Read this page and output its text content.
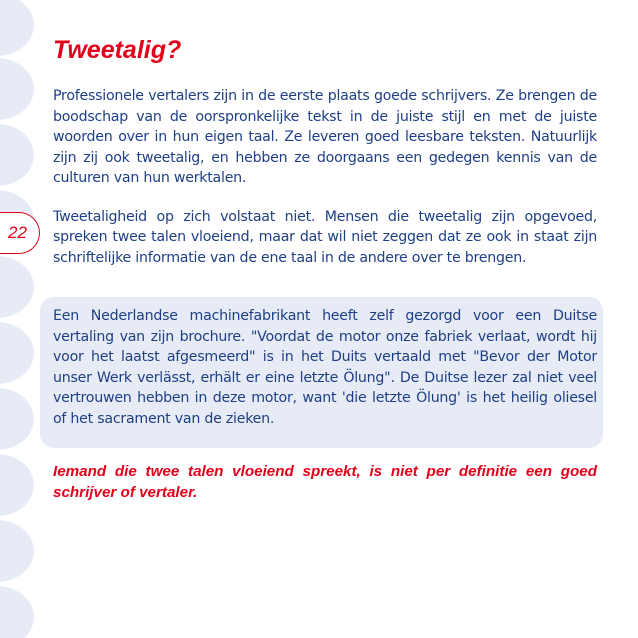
22
Tweetalig?

Professionele vertalers zijn in de eerste plaats goede schrijvers. Ze brengen de boodschap van de oorspronkelijke tekst in de juiste stijl en met de juiste woorden over in hun eigen taal. Ze leveren goed leesbare teksten. Natuurlijk zijn zij ook tweetalig, en hebben ze doorgaans een gedegen kennis van de culturen van hun werktalen.

Tweetaligheid op zich volstaat niet. Mensen die tweetalig zijn opgevoed, spreken twee talen vloeiend, maar dat wil niet zeggen dat ze ook in staat zijn schriftelijke informatie van de ene taal in de andere over te brengen.

Een Nederlandse machinefabrikant heeft zelf gezorgd voor een Duitse vertaling van zijn brochure. "Voordat de motor onze fabriek verlaat, wordt hij voor het laatst afgesmeerd" is in het Duits vertaald met "Bevor der Motor unser Werk verlässt, erhält er eine letzte Ölung". De Duitse lezer zal niet veel vertrouwen hebben in deze motor, want 'die letzte Ölung' is het heilig oliesel of het sacrament van de zieken.

Iemand die twee talen vloeiend spreekt, is niet per definitie een goed schrijver of vertaler.
